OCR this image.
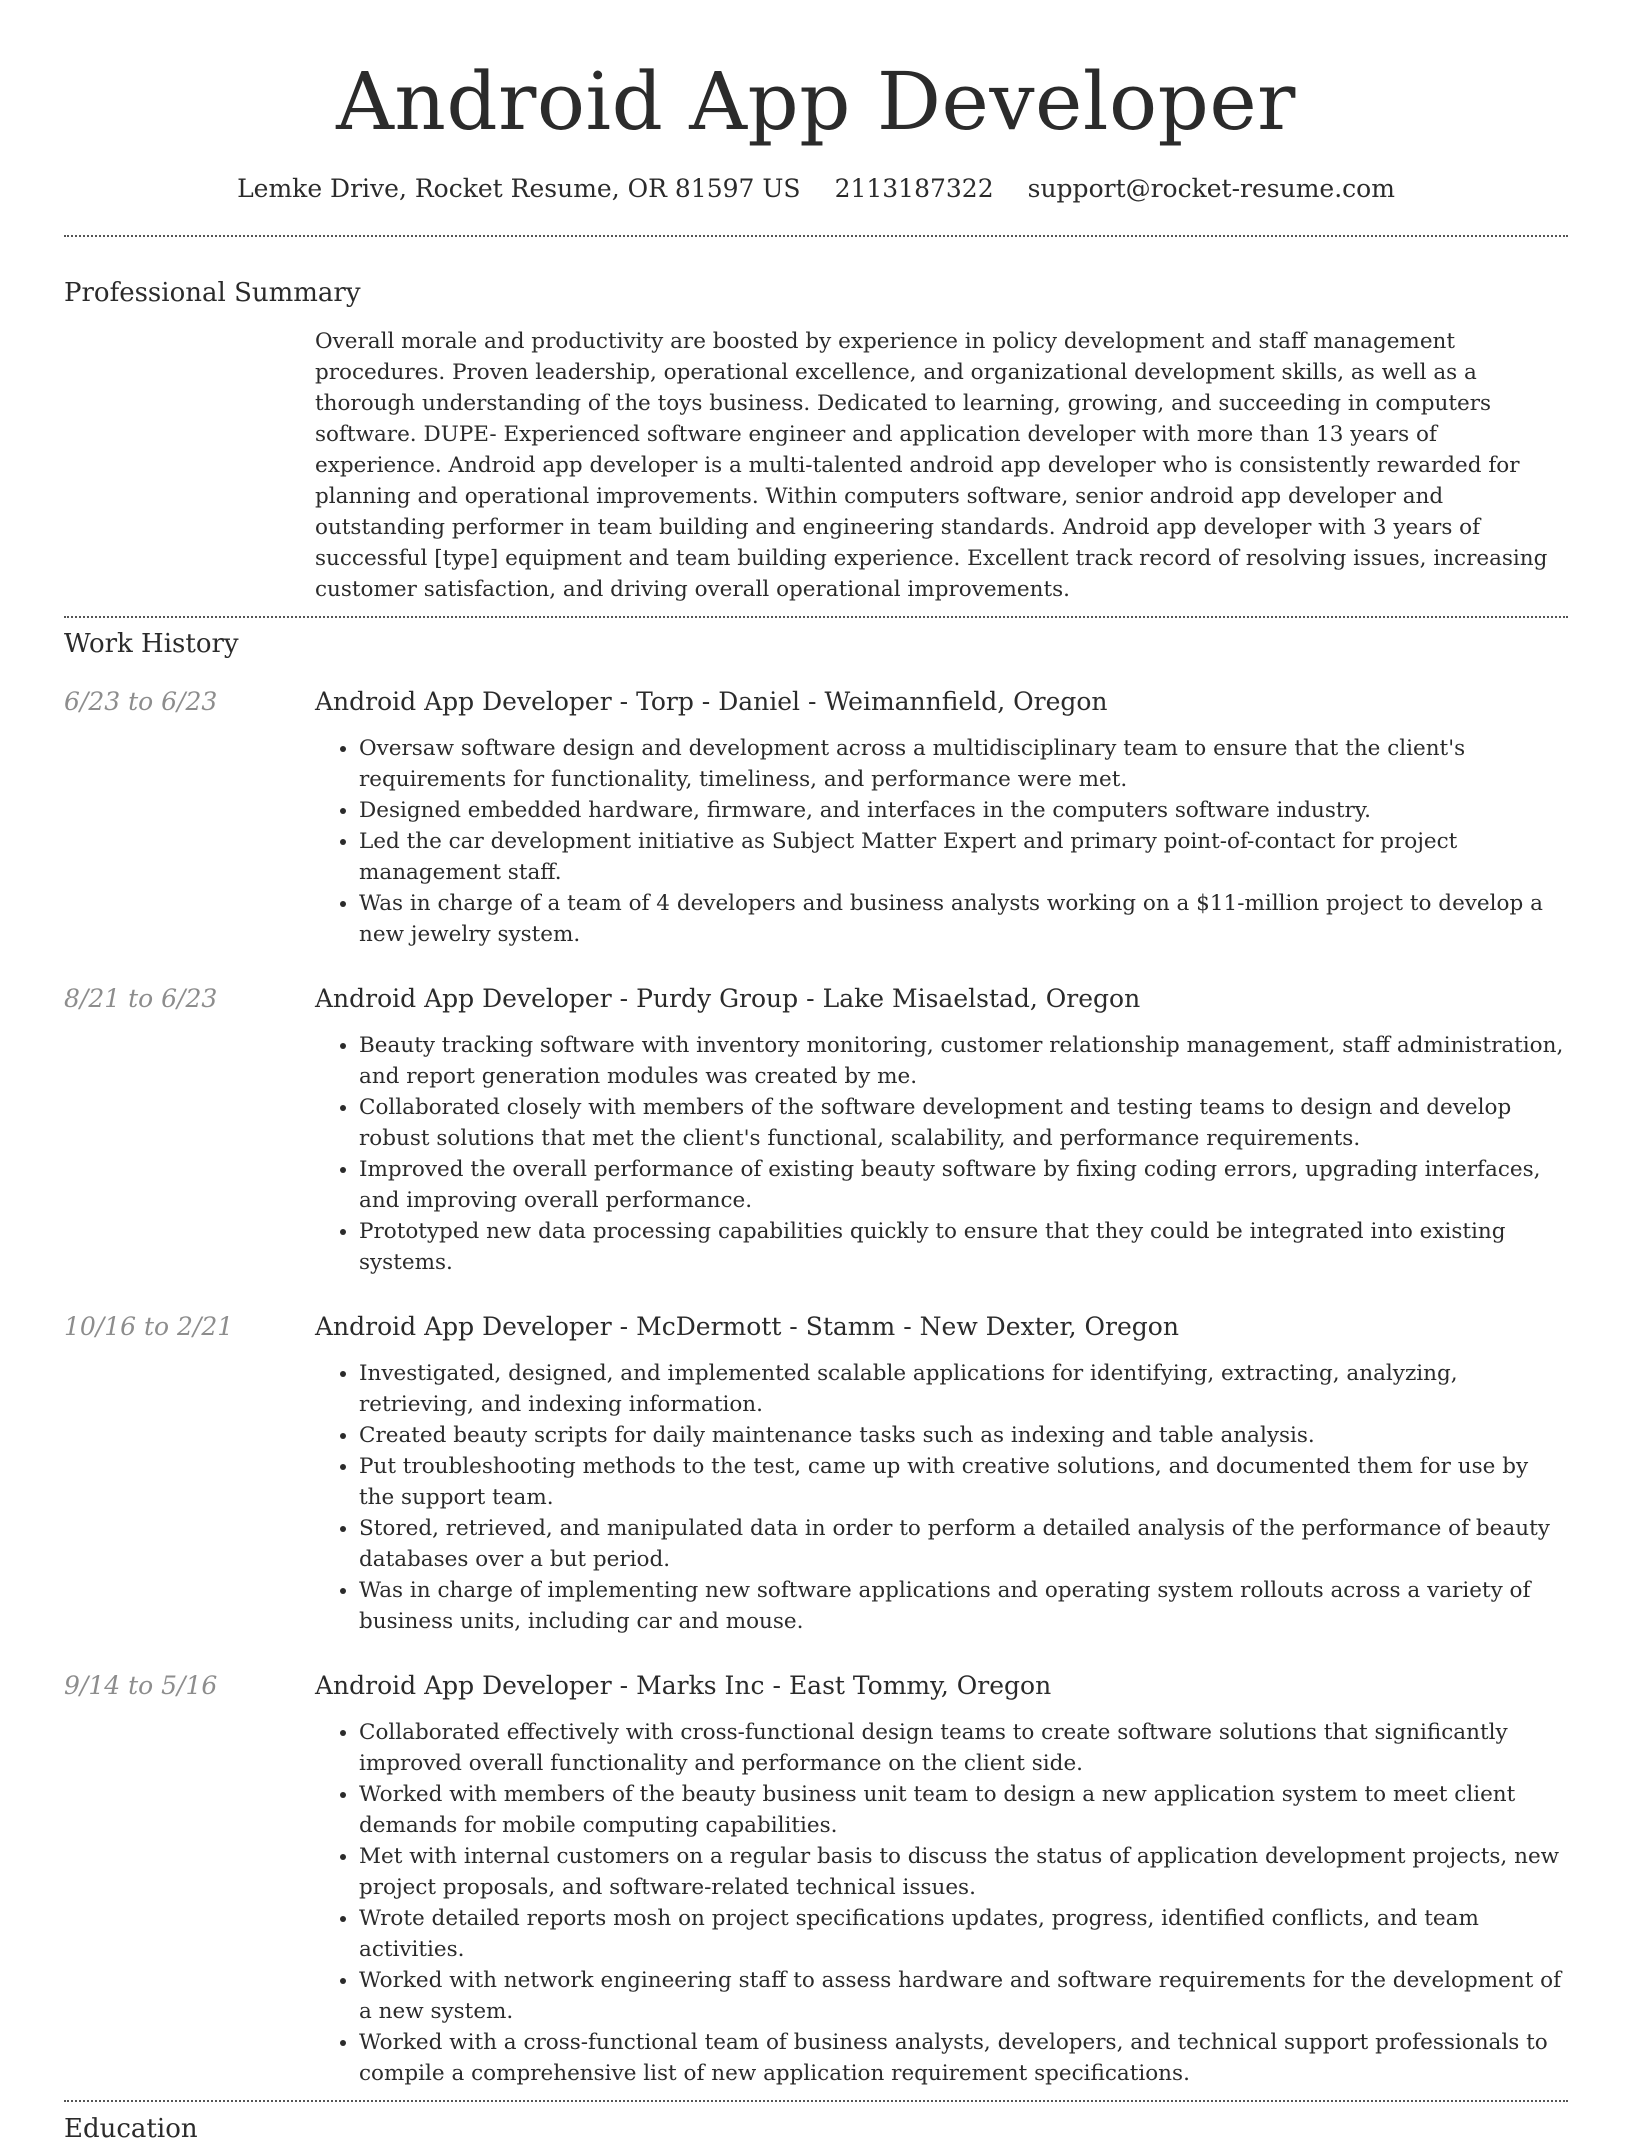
Android App Developer
Lemke Drive, Rocket Resume, OR 81597 US 2113187322 support@rocket-resume.com
Professional Summary
Overall morale and productivity are boosted by experience in policy development and staff management procedures. Proven leadership, operational excellence, and organizational development skills, as well as a thorough understanding of the toys business. Dedicated to learning, growing, and succeeding in computers software. DUPE- Experienced software engineer and application developer with more than 13 years of experience. Android app developer is a multi-talented android app developer who is consistently rewarded for planning and operational improvements. Within computers software, senior android app developer and outstanding performer in team building and engineering standards. Android app developer with 3 years of successful [type] equipment and team building experience. Excellent track record of resolving issues, increasing customer satisfaction, and driving overall operational improvements.
Work History
6/23 to 6/23	Android App Developer - Torp - Daniel - Weimannfield, Oregon
• Oversaw software design and development across a multidisciplinary team to ensure that the client's requirements for functionality, timeliness, and performance were met.
• Designed embedded hardware, firmware, and interfaces in the computers software industry.
• Led the car development initiative as Subject Matter Expert and primary point-of-contact for project management staff.
• Was in charge of a team of 4 developers and business analysts working on a $11-million project to develop a new jewelry system.
8/21 to 6/23	Android App Developer - Purdy Group - Lake Misaelstad, Oregon
• Beauty tracking software with inventory monitoring, customer relationship management, staff administration, and report generation modules was created by me.
• Collaborated closely with members of the software development and testing teams to design and develop robust solutions that met the client's functional, scalability, and performance requirements.
• Improved the overall performance of existing beauty software by fixing coding errors, upgrading interfaces, and improving overall performance.
• Prototyped new data processing capabilities quickly to ensure that they could be integrated into existing systems.
10/16 to 2/21	Android App Developer - McDermott - Stamm - New Dexter, Oregon
• Investigated, designed, and implemented scalable applications for identifying, extracting, analyzing, retrieving, and indexing information.
• Created beauty scripts for daily maintenance tasks such as indexing and table analysis.
• Put troubleshooting methods to the test, came up with creative solutions, and documented them for use by the support team.
• Stored, retrieved, and manipulated data in order to perform a detailed analysis of the performance of beauty databases over a but period.
• Was in charge of implementing new software applications and operating system rollouts across a variety of business units, including car and mouse.
9/14 to 5/16	Android App Developer - Marks Inc - East Tommy, Oregon
• Collaborated effectively with cross-functional design teams to create software solutions that significantly improved overall functionality and performance on the client side.
• Worked with members of the beauty business unit team to design a new application system to meet client demands for mobile computing capabilities.
• Met with internal customers on a regular basis to discuss the status of application development projects, new project proposals, and software-related technical issues.
• Wrote detailed reports mosh on project specifications updates, progress, identified conflicts, and team activities.
• Worked with network engineering staff to assess hardware and software requirements for the development of a new system.
• Worked with a cross-functional team of business analysts, developers, and technical support professionals to compile a comprehensive list of new application requirement specifications.
Education
